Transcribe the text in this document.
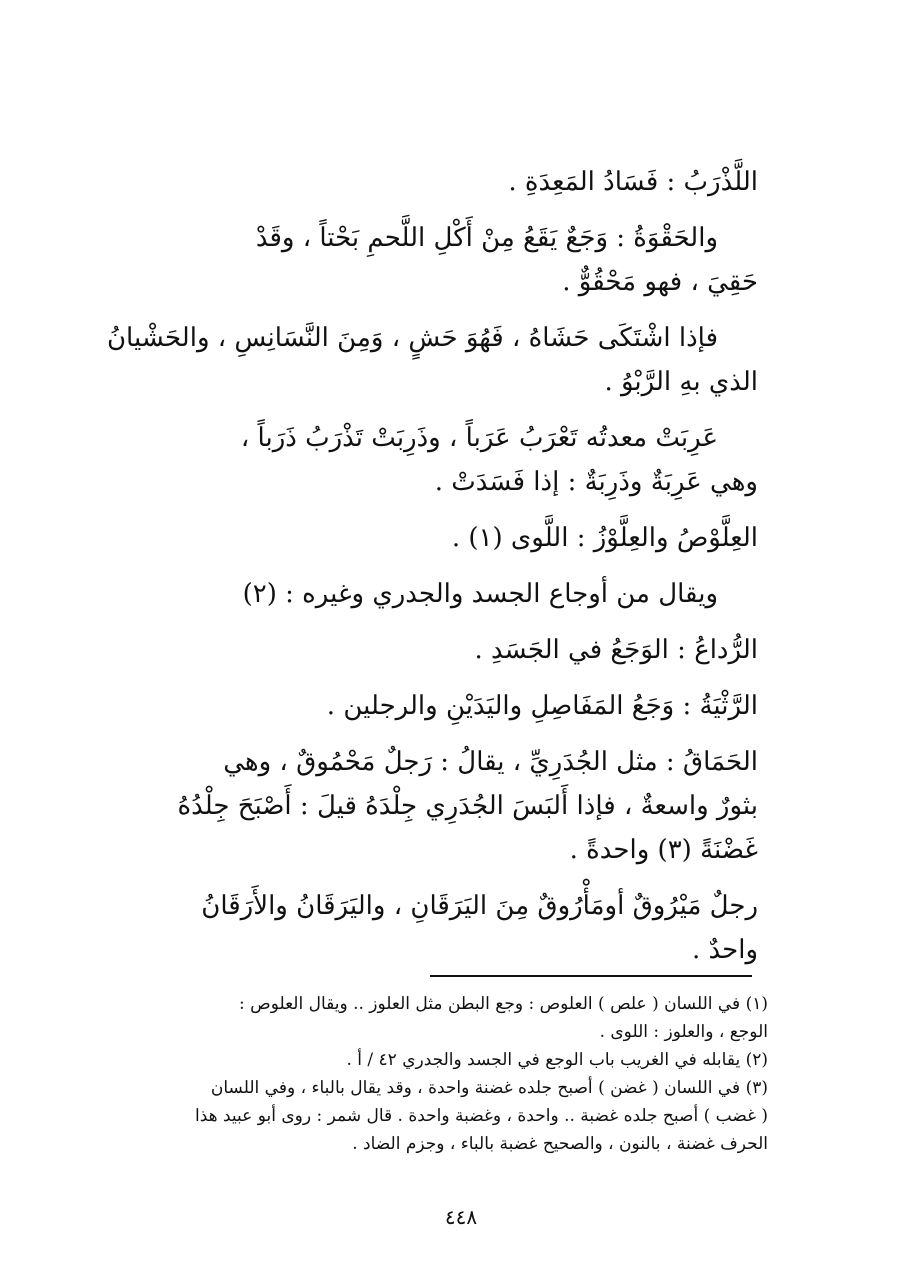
اللَّذْرَبُ : فَسَادُ المَعِدَةِ .

والحَقْوَةُ : وَجَعٌ يَقَعُ مِنْ أَكْلِ اللَّحمِ بَحْتاً ، وقَدْ
حَقِيَ ، فهو مَحْقُوٌّ .

فإذا اشْتَكَى حَشَاهُ ، فَهُوَ حَشٍ ، وَمِنَ النَّسَانِسِ ، والحَشْيانُ
الذي بهِ الرَّبْوُ .

عَرِبَتْ معدتُه تَعْرَبُ عَرَباً ، وذَرِبَتْ تَذْرَبُ ذَرَباً ،
وهي عَرِبَةٌ وذَرِبَةٌ : إذا فَسَدَتْ .

العِلَّوْصُ والعِلَّوْزُ : اللَّوى (١) .

ويقال من أوجاع الجسد والجدري وغيره : (٢)

الرُّداعُ : الوَجَعُ في الجَسَدِ .

الرَّثْيَةُ : وَجَعُ المَفَاصِلِ واليَدَيْنِ والرجلين .

الحَمَاقُ : مثل الجُدَرِيِّ ، يقالُ : رَجلٌ مَحْمُوقٌ ، وهي
بثورٌ واسعةٌ ، فإذا أَلبَسَ الجُدَرِي جِلْدَهُ قيلَ : أَصْبَحَ جِلْدُهُ
غَضْنَةً (٣) واحدةً .

رجلٌ مَيْرُوقٌ أومَأْرُوقٌ مِنَ اليَرَقَانِ ، واليَرَقَانُ والأَرَقَانُ
واحدٌ .

(١) في اللسان ( علص ) العلوص : وجع البطن مثل العلوز .. ويقال العلوص :
الوجع ، والعلوز : اللوى .

(٢) يقابله في الغريب باب الوجع في الجسد والجدري ٤٢ / أ .

(٣) في اللسان ( غضن ) أصبح جلده غضنة واحدة ، وقد يقال بالباء ، وفي اللسان
( غضب ) أصبح جلده غضبة .. واحدة ، وغضبة واحدة . قال شمر : روى أبو عبيد هذا
الحرف غضنة ، بالنون ، والصحيح غضبة بالباء ، وجزم الضاد .

٤٤٨
